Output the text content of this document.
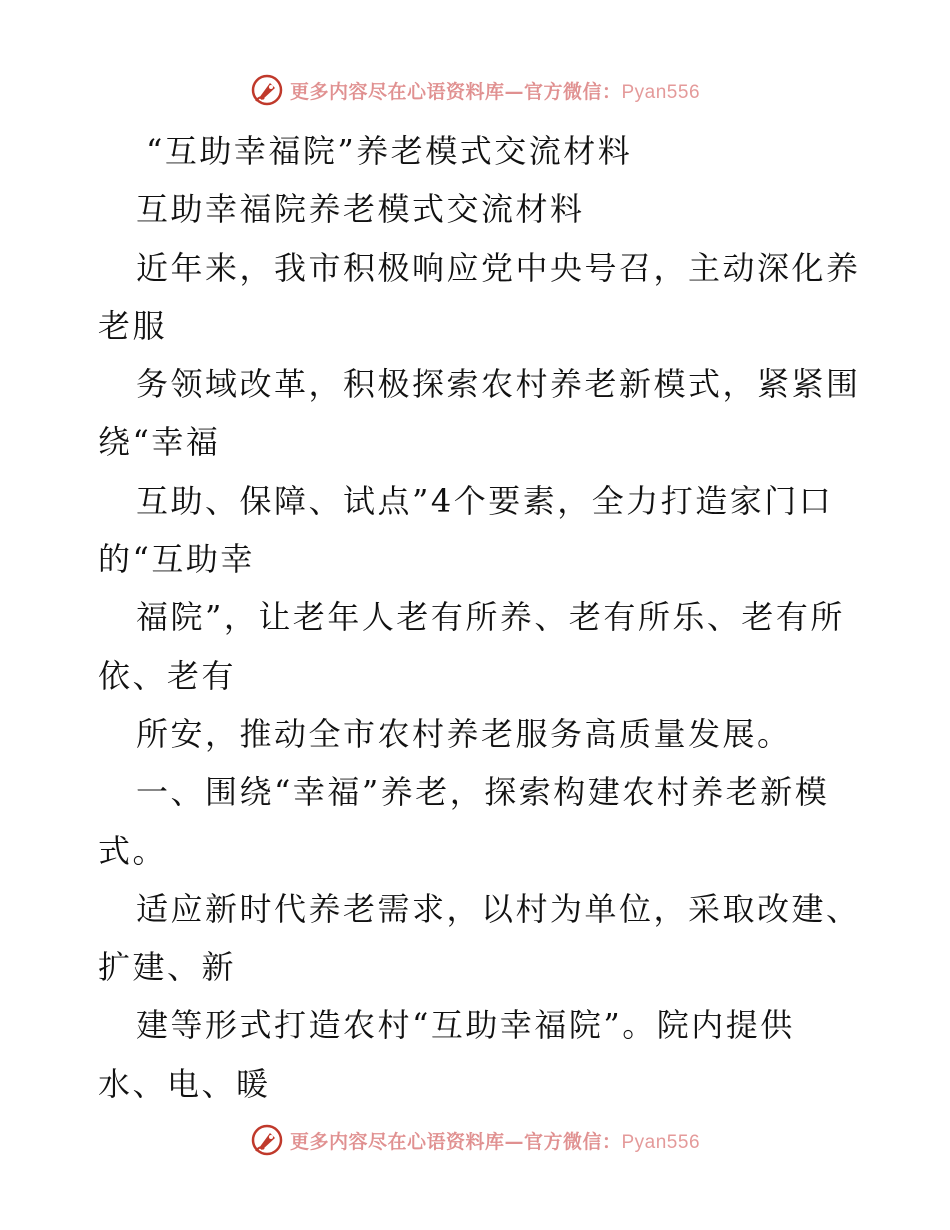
更多内容尽在心语资料库—官方微信：Pyan556

“互助幸福院”养老模式交流材料

互助幸福院养老模式交流材料

近年来，我市积极响应党中央号召，主动深化养

老服

务领域改革，积极探索农村养老新模式，紧紧围

绕“幸福

互助、保障、试点”4个要素，全力打造家门口

的“互助幸

福院”，让老年人老有所养、老有所乐、老有所

依、老有

所安，推动全市农村养老服务高质量发展。

一、围绕“幸福”养老，探索构建农村养老新模

式。

适应新时代养老需求，以村为单位，采取改建、

扩建、新

建等形式打造农村“互助幸福院”。院内提供

水、电、暖

更多内容尽在心语资料库—官方微信：Pyan556
